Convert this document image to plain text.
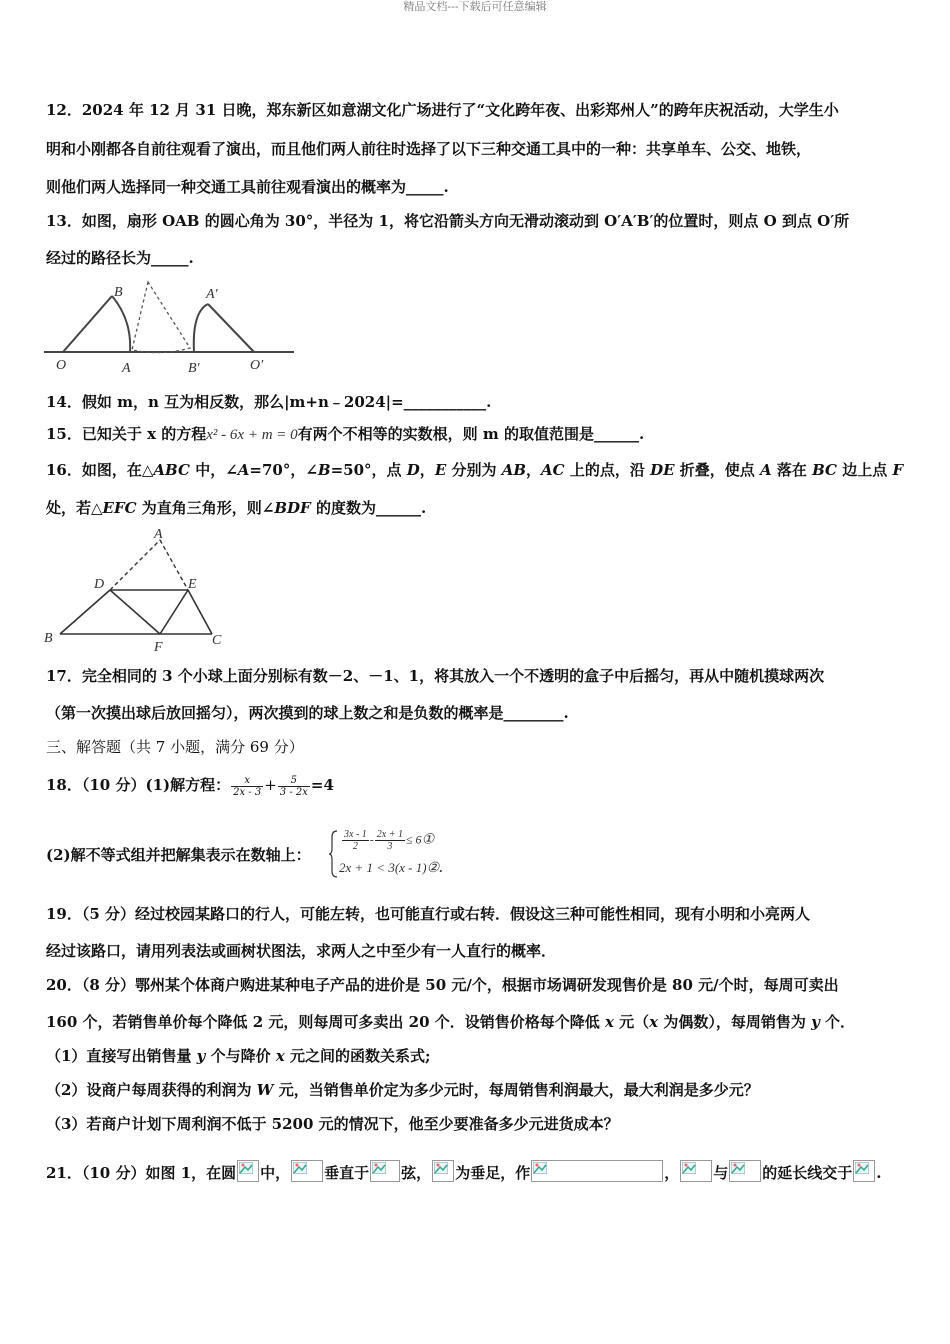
精品文档---下载后可任意编辑
12．2024 年 12 月 31 日晚，郑东新区如意湖文化广场进行了“文化跨年夜、出彩郑州人”的跨年庆祝活动，大学生小
明和小刚都各自前往观看了演出，而且他们两人前往时选择了以下三种交通工具中的一种：共享单车、公交、地铁，
则他们两人选择同一种交通工具前往观看演出的概率为_____.
13．如图，扇形 OAB 的圆心角为 30°，半径为 1，将它沿箭头方向无滑动滚动到 O′A′B′的位置时，则点 O 到点 O′所
经过的路径长为_____.
O	A
B
B′
A′
O′
14．假如 m，n 互为相反数，那么|m+n﹣2024|=___________.
15．已知关于 x 的方程x² - 6x + m = 0有两个不相等的实数根，则 m 的取值范围是______.
16．如图，在△ABC 中，∠A=70°，∠B=50°，点 D，E 分别为 AB，AC 上的点，沿 DE 折叠，使点 A 落在 BC 边上点 F
处，若△EFC 为直角三角形，则∠BDF 的度数为______.
A
D	E
B
F	C
17．完全相同的 3 个小球上面分别标有数－2、－1、1，将其放入一个不透明的盒子中后摇匀，再从中随机摸球两次
（第一次摸出球后放回摇匀），两次摸到的球上数之和是负数的概率是________.
三、解答题（共 7 小题，满分 69 分）
18．（10 分）(1)解方程： $\frac{x}{2x - 3} + \frac{5}{3 - 2x} =4$
(2)解不等式组并把解集表示在数轴上：
$\frac{3x - 1}{2} - \frac{2x + 1}{3}$ ≤ 6①
2x + 1 < 3(x - 1)②.
19．（5 分）经过校园某路口的行人，可能左转，也可能直行或右转．假设这三种可能性相同，现有小明和小亮两人
经过该路口，请用列表法或画树状图法，求两人之中至少有一人直行的概率．
20．（8 分）鄂州某个体商户购进某种电子产品的进价是 50 元/个，根据市场调研发现售价是 80 元/个时，每周可卖出
160 个，若销售单价每个降低 2 元，则每周可多卖出 20 个．设销售价格每个降低 x 元（x 为偶数），每周销售为 y 个．
（1）直接写出销售量 y 个与降价 x 元之间的函数关系式;
（2）设商户每周获得的利润为 W 元，当销售单价定为多少元时，每周销售利润最大，最大利润是多少元？
（3）若商户计划下周利润不低于 5200 元的情况下，他至少要准备多少元进货成本？
21．（10 分）如图 1，在圆 中， 垂直于 弦， 为垂足，作	， 与 的延长线交于 .
